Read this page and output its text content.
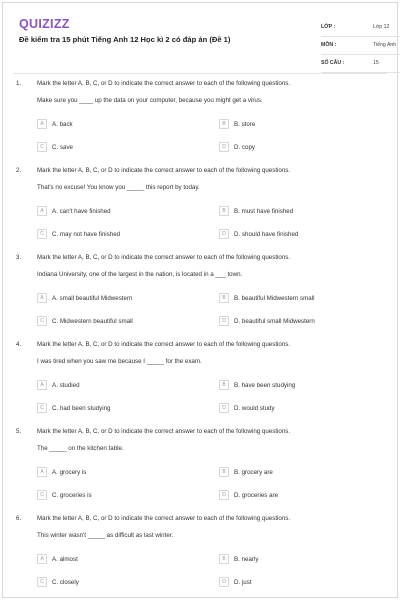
QUIZIZZ
Đề kiểm tra 15 phút Tiếng Anh 12 Học kì 2 có đáp án (Đề 1)
LỚP :	Lớp 12
MÔN :	Tiếng Anh
SỐ CÂU :	15
1.	Mark the letter A, B, C, or D to indicate the correct answer to each of the following questions.
Make sure you ____ up the data on your computer, because you might get a virus.
A	A. back	B	B. store
C	C. save	D	D. copy
2.	Mark the letter A, B, C, or D to indicate the correct answer to each of the following questions.
That's no excuse! You know you _____ this report by today.
A	A. can't have finished	B	B. must have finished
C	C. may not have finished	D	D. should have finished
3.	Mark the letter A, B, C, or D to indicate the correct answer to each of the following questions.
Indiana University, one of the largest in the nation, is located in a ___ town.
A	A. small beautiful Midwestern	B	B. beautiful Midwestern small
C	C. Midwestern beautiful small	D	D. beautiful small Midwestern
4.	Mark the letter A, B, C, or D to indicate the correct answer to each of the following questions.
I was tired when you saw me because I _____ for the exam.
A	A. studied	B	B. have been studying
C	C. had been studying	D	D. would study
5.	Mark the letter A, B, C, or D to indicate the correct answer to each of the following questions.
The _____ on the kitchen table.
A	A. grocery is	B	B. grocery are
C	C. groceries is	D	D. groceries are
6.	Mark the letter A, B, C, or D to indicate the correct answer to each of the following questions.
This winter wasn't _____ as difficult as last winter.
A	A. almost	B	B. nearly
C	C. closely	D	D. just
